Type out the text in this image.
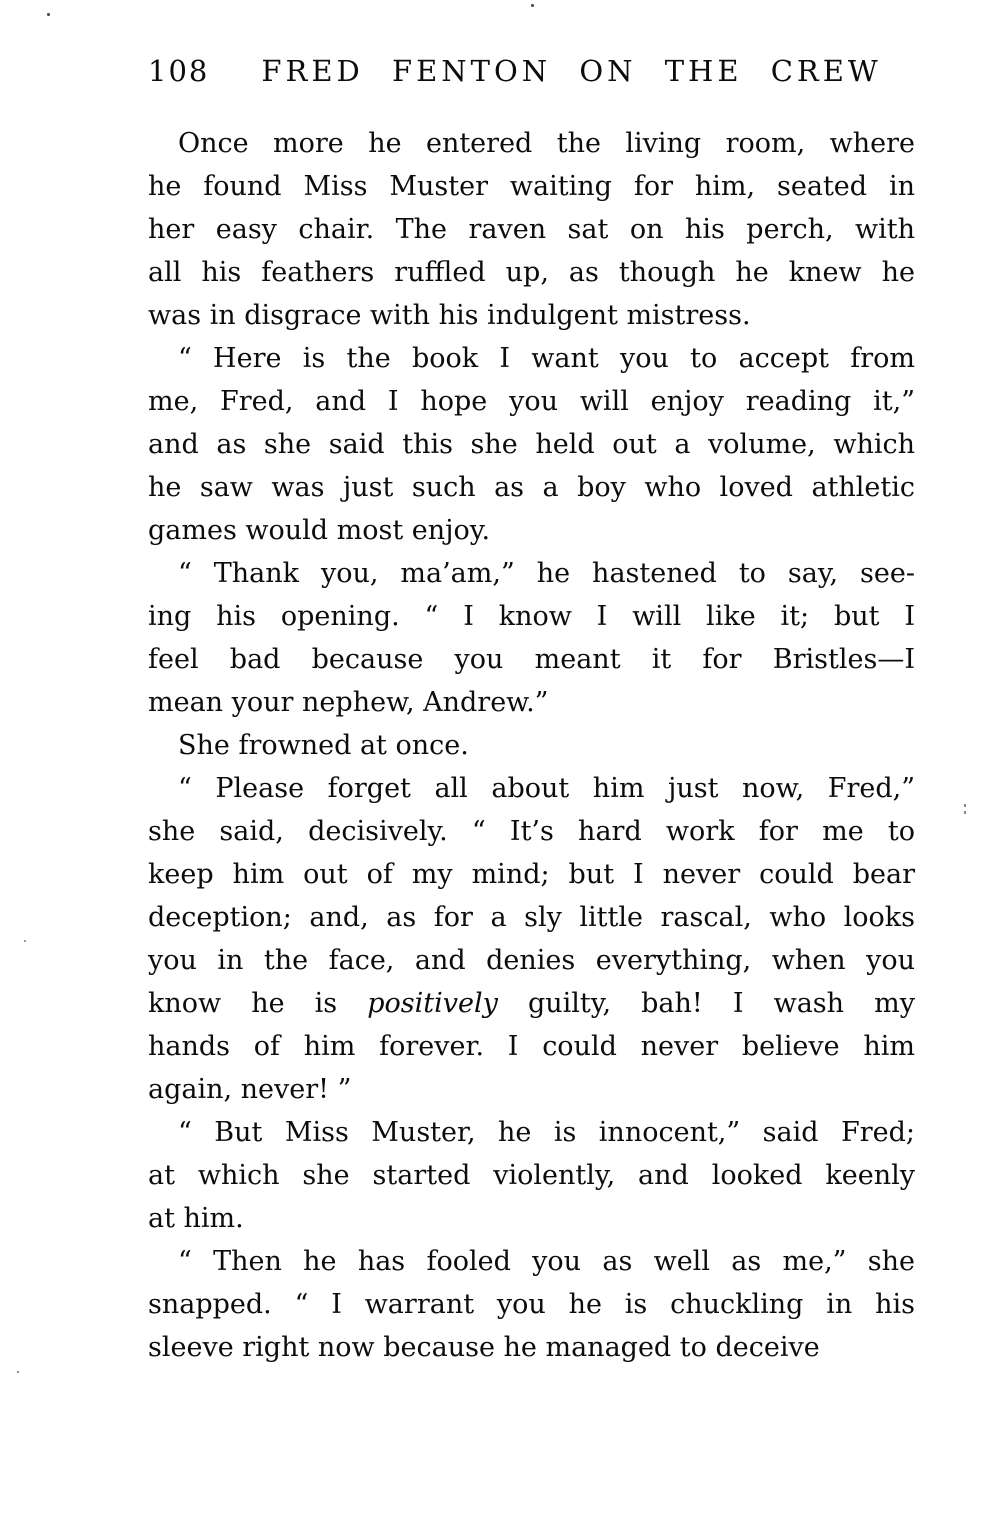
108 FRED FENTON ON THE CREW
Once more he entered the living room, where
he found Miss Muster waiting for him, seated in
her easy chair. The raven sat on his perch, with
all his feathers ruffled up, as though he knew he
was in disgrace with his indulgent mistress.
“ Here is the book I want you to accept from
me, Fred, and I hope you will enjoy reading it,”
and as she said this she held out a volume, which
he saw was just such as a boy who loved athletic
games would most enjoy.
“ Thank you, ma’am,” he hastened to say, see-
ing his opening. “ I know I will like it; but I
feel bad because you meant it for Bristles—I
mean your nephew, Andrew.”
She frowned at once.
“ Please forget all about him just now, Fred,”
she said, decisively. “ It’s hard work for me to
keep him out of my mind; but I never could bear
deception; and, as for a sly little rascal, who looks
you in the face, and denies everything, when you
know he is positively guilty, bah! I wash my
hands of him forever. I could never believe him
again, never! ”
“ But Miss Muster, he is innocent,” said Fred;
at which she started violently, and looked keenly
at him.
“ Then he has fooled you as well as me,” she
snapped. “ I warrant you he is chuckling in his
sleeve right now because he managed to deceive
